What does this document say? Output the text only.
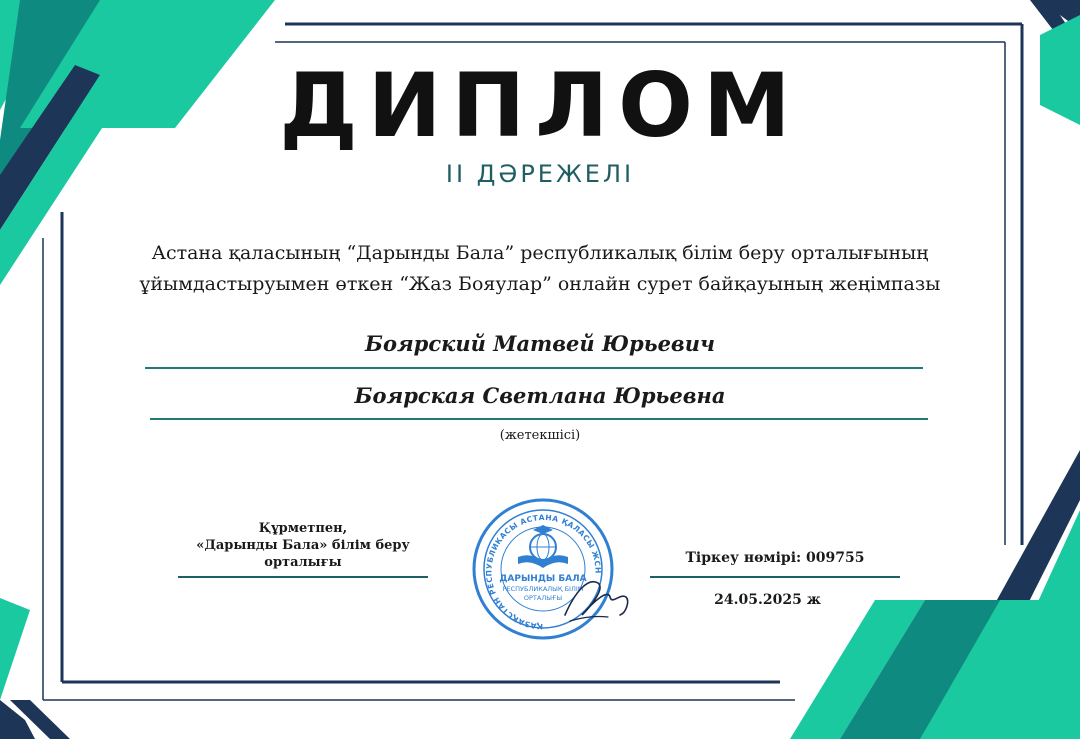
ДИПЛОМ
II ДӘРЕЖЕЛІ
Астана қаласының “Дарынды Бала” республикалық білім беру орталығының
ұйымдастыруымен өткен “Жаз Бояулар” онлайн сурет байқауының жеңімпазы
Боярский Матвей Юрьевич
Боярская Светлана Юрьевна
(жетекшісі)
Құрметпен,
«Дарынды Бала» білім беру
орталығы	Тіркеу нөмірі: 009755
24.05.2025 ж
ҚАЗАҚСТАН РЕСПУБЛИКАСЫ АСТАНА ҚАЛАСЫ ЖСН
ДАРЫНДЫ БАЛА
РЕСПУБЛИКАЛЫҚ БІЛІМ
ОРТАЛЫҒЫ
